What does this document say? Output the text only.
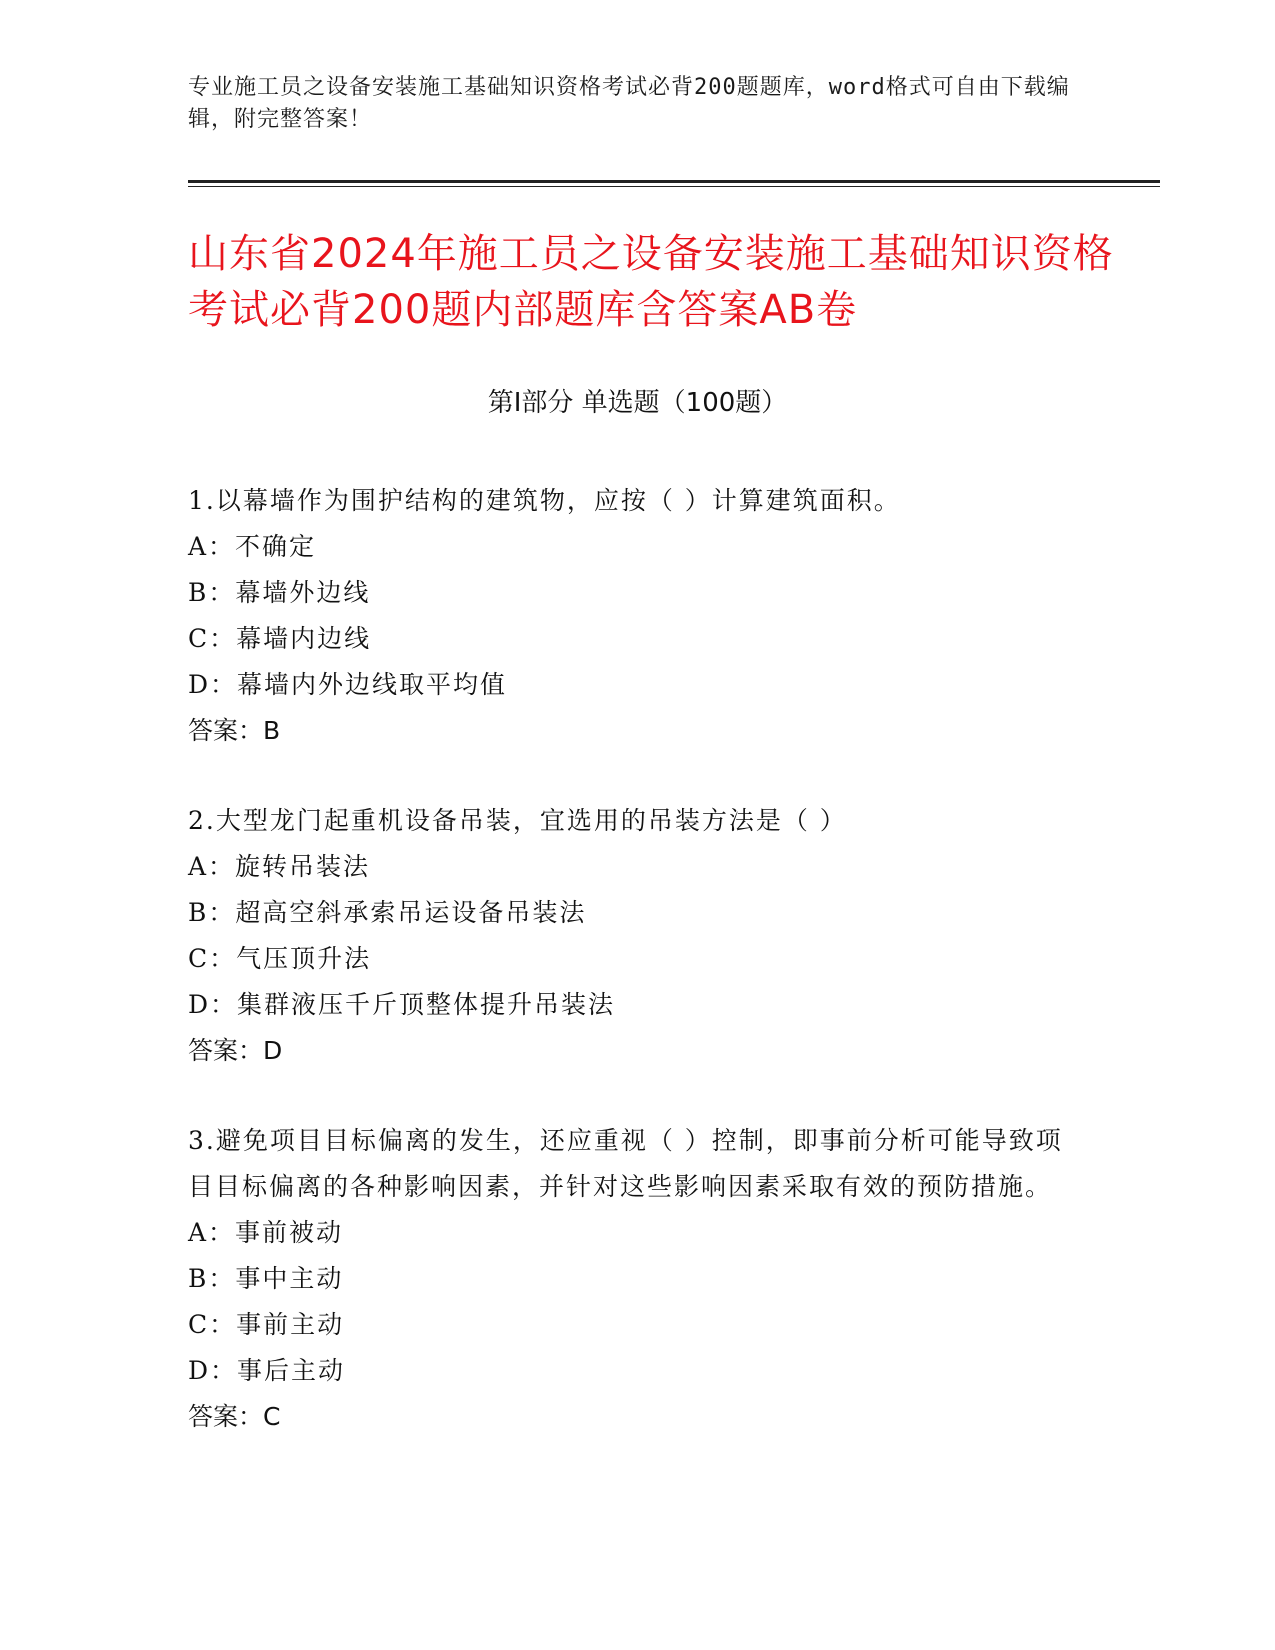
专业施工员之设备安装施工基础知识资格考试必背200题题库，word格式可自由下载编辑，附完整答案！
山东省2024年施工员之设备安装施工基础知识资格考试必背200题内部题库含答案AB卷
第Ⅰ部分 单选题（100题）
1.以幕墙作为围护结构的建筑物，应按（ ）计算建筑面积。
A：不确定
B：幕墙外边线
C：幕墙内边线
D：幕墙内外边线取平均值
答案：B
2.大型龙门起重机设备吊装，宜选用的吊装方法是（ ）
A：旋转吊装法
B：超高空斜承索吊运设备吊装法
C：气压顶升法
D：集群液压千斤顶整体提升吊装法
答案：D
3.避免项目目标偏离的发生，还应重视（ ）控制，即事前分析可能导致项目目标偏离的各种影响因素，并针对这些影响因素采取有效的预防措施。
A：事前被动
B：事中主动
C：事前主动
D：事后主动
答案：C
